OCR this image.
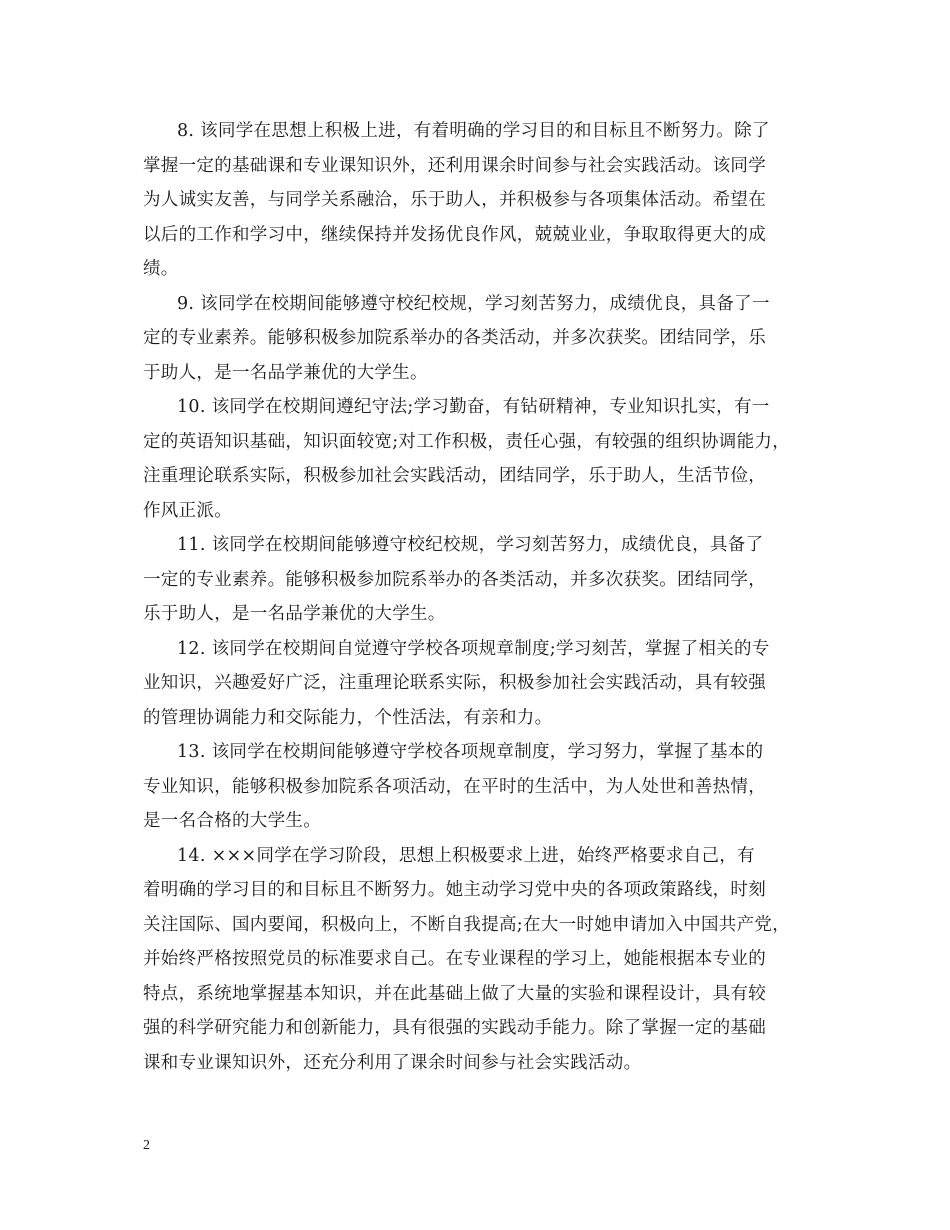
8. 该同学在思想上积极上进，有着明确的学习目的和目标且不断努力。除了
掌握一定的基础课和专业课知识外，还利用课余时间参与社会实践活动。该同学
为人诚实友善，与同学关系融洽，乐于助人，并积极参与各项集体活动。希望在
以后的工作和学习中，继续保持并发扬优良作风，兢兢业业，争取取得更大的成
绩。

9. 该同学在校期间能够遵守校纪校规，学习刻苦努力，成绩优良，具备了一
定的专业素养。能够积极参加院系举办的各类活动，并多次获奖。团结同学，乐
于助人，是一名品学兼优的大学生。

10. 该同学在校期间遵纪守法;学习勤奋，有钻研精神，专业知识扎实，有一
定的英语知识基础，知识面较宽;对工作积极，责任心强，有较强的组织协调能力，
注重理论联系实际，积极参加社会实践活动，团结同学，乐于助人，生活节俭，
作风正派。

11. 该同学在校期间能够遵守校纪校规，学习刻苦努力，成绩优良，具备了
一定的专业素养。能够积极参加院系举办的各类活动，并多次获奖。团结同学，
乐于助人，是一名品学兼优的大学生。

12. 该同学在校期间自觉遵守学校各项规章制度;学习刻苦，掌握了相关的专
业知识，兴趣爱好广泛，注重理论联系实际，积极参加社会实践活动，具有较强
的管理协调能力和交际能力，个性活法，有亲和力。

13. 该同学在校期间能够遵守学校各项规章制度，学习努力，掌握了基本的
专业知识，能够积极参加院系各项活动，在平时的生活中，为人处世和善热情，
是一名合格的大学生。

14. ×××同学在学习阶段，思想上积极要求上进，始终严格要求自己，有
着明确的学习目的和目标且不断努力。她主动学习党中央的各项政策路线，时刻
关注国际、国内要闻，积极向上，不断自我提高;在大一时她申请加入中国共产党，
并始终严格按照党员的标准要求自己。在专业课程的学习上，她能根据本专业的
特点，系统地掌握基本知识，并在此基础上做了大量的实验和课程设计，具有较
强的科学研究能力和创新能力，具有很强的实践动手能力。除了掌握一定的基础
课和专业课知识外，还充分利用了课余时间参与社会实践活动。

2
